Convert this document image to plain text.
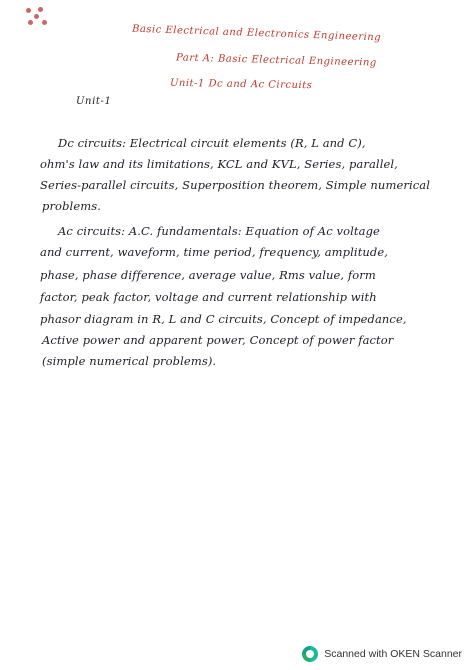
Basic Electrical and Electronics Engineering
Part A: Basic Electrical Engineering
Unit-1 Dc and Ac Circuits
Unit-1
Dc circuits: Electrical circuit elements (R, L and C),
ohm's law and its limitations, KCL and KVL, Series, parallel,
Series-parallel circuits, Superposition theorem, Simple numerical
problems.
Ac circuits: A.C. fundamentals: Equation of Ac voltage
and current, waveform, time period, frequency, amplitude,
phase, phase difference, average value, Rms value, form
factor, peak factor, voltage and current relationship with
phasor diagram in R, L and C circuits, Concept of impedance,
Active power and apparent power, Concept of power factor
(simple numerical problems).
Scanned with OKEN Scanner
